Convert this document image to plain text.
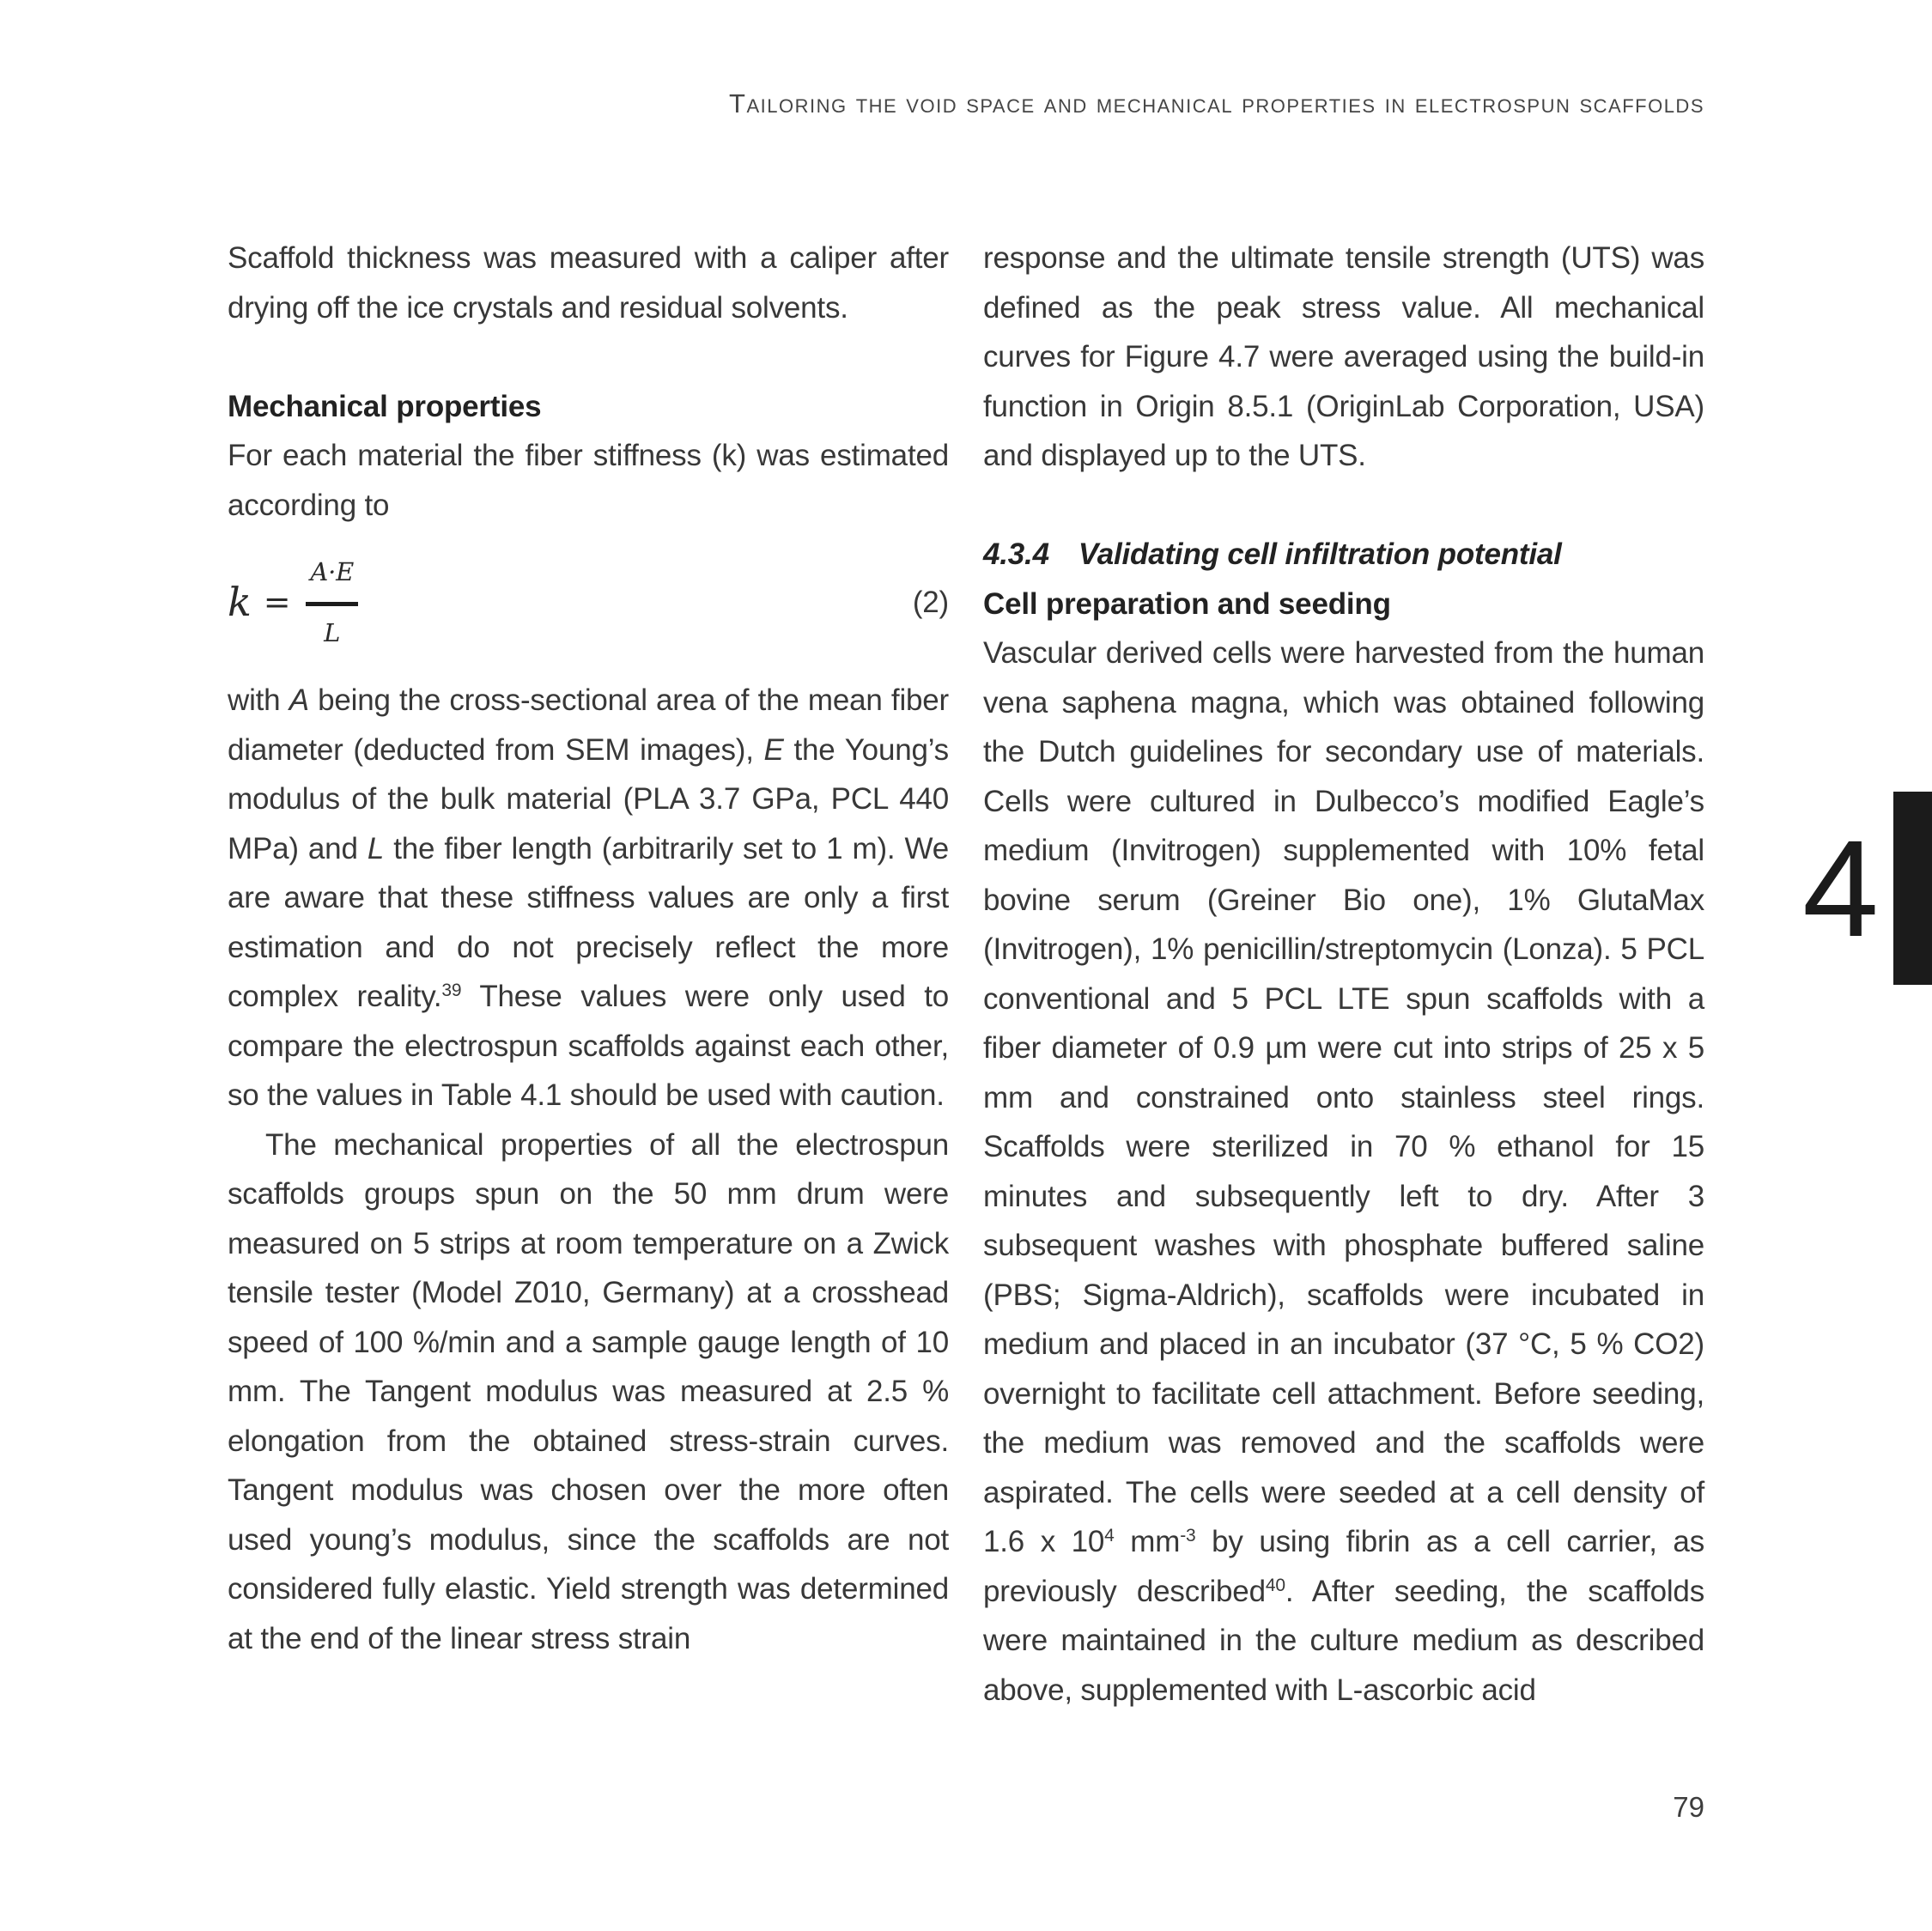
Tailoring the void space and mechanical properties in electrospun scaffolds

Scaffold thickness was measured with a caliper after drying off the ice crystals and residual solvents.

Mechanical properties

For each material the fiber stiffness (k) was estimated according to

$k = \frac{A\cdot E}{L}$	(2)

with A being the cross-sectional area of the mean fiber diameter (deducted from SEM images), E the Young’s modulus of the bulk material (PLA 3.7 GPa, PCL 440 MPa) and L the fiber length (arbitrarily set to 1 m). We are aware that these stiffness values are only a first estimation and do not precisely reflect the more complex reality.$^{39}$ These values were only used to compare the electrospun scaffolds against each other, so the values in Table 4.1 should be used with caution.

The mechanical properties of all the electrospun scaffolds groups spun on the 50 mm drum were measured on 5 strips at room temperature on a Zwick tensile tester (Model Z010, Germany) at a crosshead speed of 100 %/min and a sample gauge length of 10 mm. The Tangent modulus was measured at 2.5 % elongation from the obtained stress-strain curves. Tangent modulus was chosen over the more often used young’s modulus, since the scaffolds are not considered fully elastic. Yield strength was determined at the end of the linear stress strain

response and the ultimate tensile strength (UTS) was defined as the peak stress value. All mechanical curves for Figure 4.7 were averaged using the build-in function in Origin 8.5.1 (OriginLab Corporation, USA) and displayed up to the UTS.

4.3.4 Validating cell infiltration potential

Cell preparation and seeding

Vascular derived cells were harvested from the human vena saphena magna, which was obtained following the Dutch guidelines for secondary use of materials. Cells were cultured in Dulbecco’s modified Eagle’s medium (Invitrogen) supplemented with 10% fetal bovine serum (Greiner Bio one), 1% GlutaMax (Invitrogen), 1% penicillin/streptomycin (Lonza). 5 PCL conventional and 5 PCL LTE spun scaffolds with a fiber diameter of 0.9 µm were cut into strips of 25 x 5 mm and constrained onto stainless steel rings. Scaffolds were sterilized in 70 % ethanol for 15 minutes and subsequently left to dry. After 3 subsequent washes with phosphate buffered saline (PBS; Sigma-Aldrich), scaffolds were incubated in medium and placed in an incubator (37 °C, 5 % CO2) overnight to facilitate cell attachment. Before seeding, the medium was removed and the scaffolds were aspirated. The cells were seeded at a cell density of 1.6 x $10^4$ $mm^{-3}$ by using fibrin as a cell carrier, as previously described$^{40}$. After seeding, the scaffolds were maintained in the culture medium as described above, supplemented with L-ascorbic acid

4
79
